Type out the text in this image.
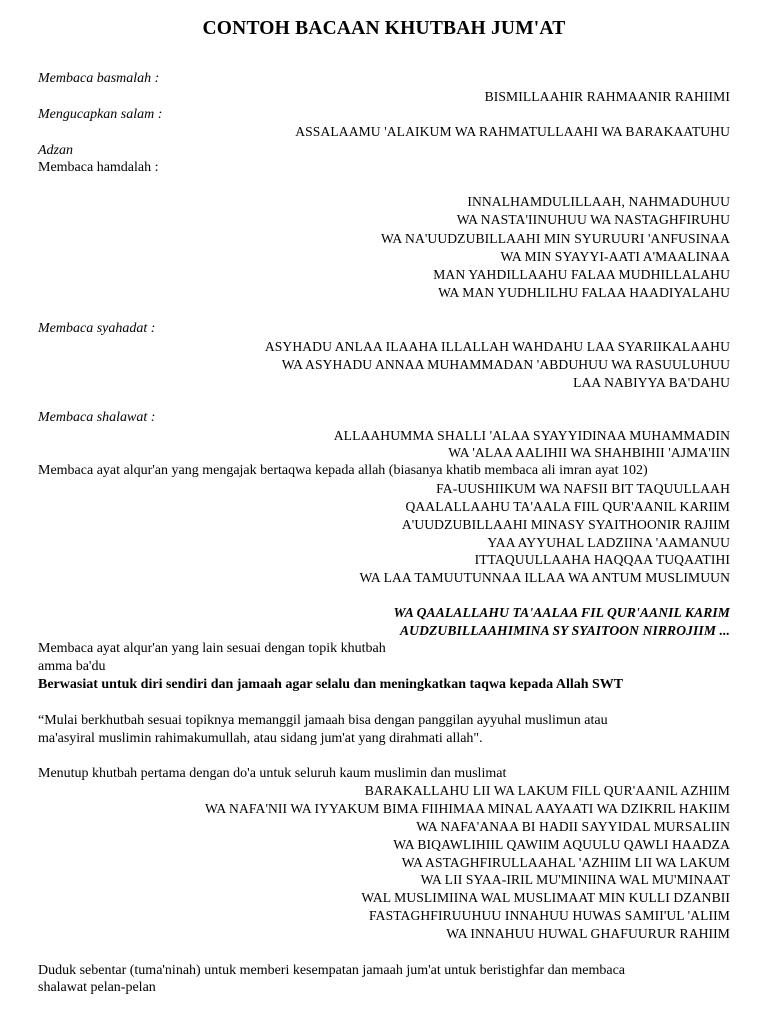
CONTOH BACAAN KHUTBAH JUM'AT
Membaca basmalah :
BISMILLAAHIR RAHMAANIR RAHIIMI
Mengucapkan salam :
ASSALAAMU 'ALAIKUM WA RAHMATULLAAHI WA BARAKAATUHU
Adzan
Membaca hamdalah :
INNALHAMDULILLAAH, NAHMADUHUU
WA NASTA'IINUHUU WA NASTAGHFIRUHU
WA NA'UUDZUBILLAAHI MIN SYURUURI 'ANFUSINAA
WA MIN SYAYYI-AATI A'MAALINAA
MAN YAHDILLAAHU FALAA MUDHILLALAHU
WA MAN YUDHLILHU FALAA HAADIYALAHU
Membaca syahadat :
ASYHADU ANLAA ILAAHA ILLALLAH WAHDAHU LAA SYARIIKALAAHU
WA ASYHADU ANNAA MUHAMMADAN 'ABDUHUU WA RASUULUHUU
LAA NABIYYA BA'DAHU
Membaca shalawat :
ALLAAHUMMA SHALLI 'ALAA SYAYYIDINAA MUHAMMADIN
WA 'ALAA AALIHII WA SHAHBIHII 'AJMA'IIN
Membaca ayat alqur'an yang mengajak bertaqwa kepada allah (biasanya khatib membaca ali imran ayat 102)
FA-UUSHIIKUM WA NAFSII BIT TAQUULLAAH
QAALALLAAHU TA'AALA FIIL QUR'AANIL KARIIM
A'UUDZUBILLAAHI MINASY SYAITHOONIR RAJIIM
YAA AYYUHAL LADZIINA 'AAMANUU
ITTAQUULLAAHA HAQQAA TUQAATIHI
WA LAA TAMUUTUNNAA ILLAA WA ANTUM MUSLIMUUN
WA QAALALLAHU TA'AALAA FIL QUR'AANIL KARIM
AUDZUBILLAAHIMINA SY SYAITOON NIRROJIIM ...
Membaca ayat alqur'an yang lain sesuai dengan topik khutbah
amma ba'du
Berwasiat untuk diri sendiri dan jamaah agar selalu dan meningkatkan taqwa kepada Allah SWT
“Mulai berkhutbah sesuai topiknya memanggil jamaah bisa dengan panggilan ayyuhal muslimun atau
ma'asyiral muslimin rahimakumullah, atau sidang jum'at yang dirahmati allah".
Menutup khutbah pertama dengan do'a untuk seluruh kaum muslimin dan muslimat
BARAKALLAHU LII WA LAKUM FILL QUR'AANIL AZHIIM
WA NAFA'NII WA IYYAKUM BIMA FIIHIMAA MINAL AAYAATI WA DZIKRIL HAKIIM
WA NAFA'ANAA BI HADII SAYYIDAL MURSALIIN
WA BIQAWLIHIIL QAWIIM AQUULU QAWLI HAADZA
WA ASTAGHFIRULLAAHAL 'AZHIIM LII WA LAKUM
WA LII SYAA-IRIL MU'MINIINA WAL MU'MINAAT
WAL MUSLIMIINA WAL MUSLIMAAT MIN KULLI DZANBII
FASTAGHFIRUUHUU INNAHUU HUWAS SAMII'UL 'ALIIM
WA INNAHUU HUWAL GHAFUURUR RAHIIM
Duduk sebentar (tuma'ninah) untuk memberi kesempatan jamaah jum'at untuk beristighfar dan membaca
shalawat pelan-pelan
